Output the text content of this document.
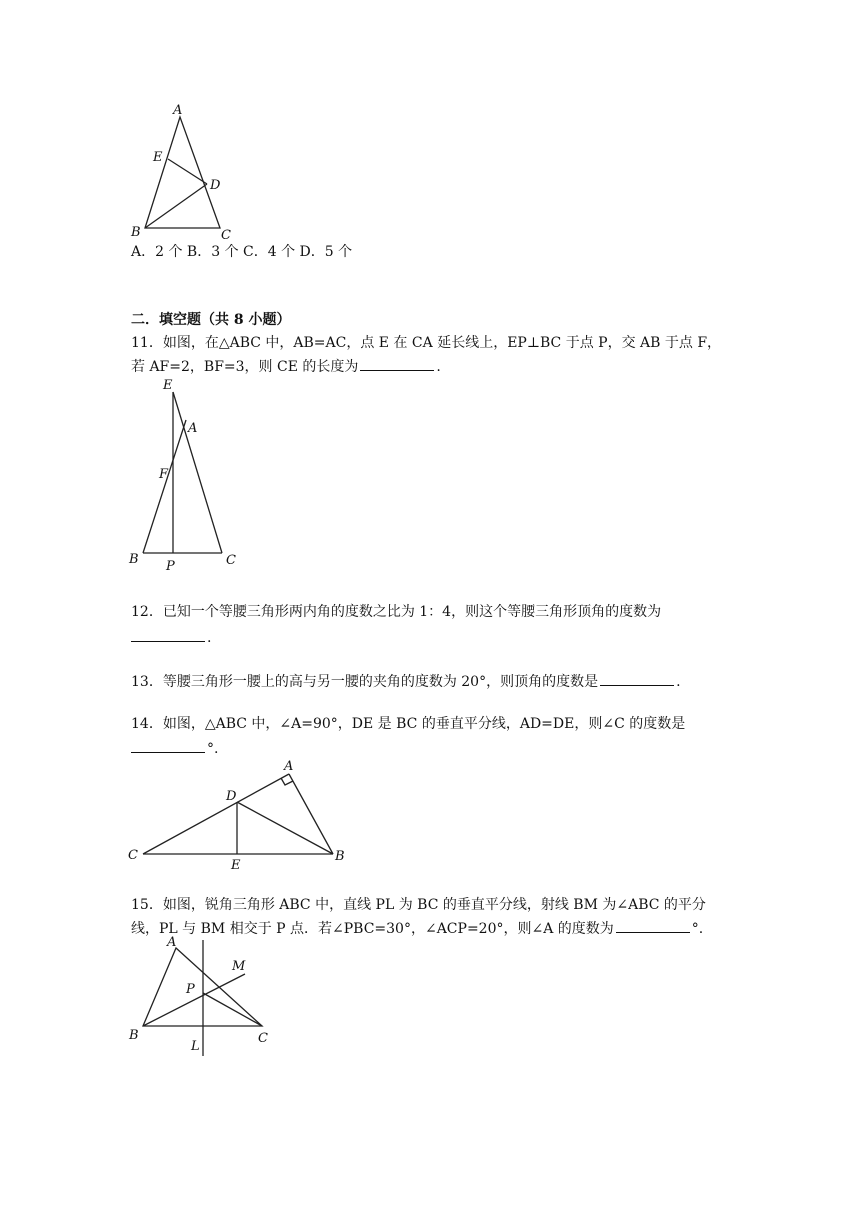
A
E
D
B	C
A．2 个 B．3 个 C．4 个 D．5 个
二．填空题（共 8 小题）
11．如图，在△ABC 中，AB=AC，点 E 在 CA 延长线上，EP⊥BC 于点 P，交 AB 于点 F，
若 AF=2，BF=3，则 CE 的长度为	.
E
A
F
B P	C
12．已知一个等腰三角形两内角的度数之比为 1：4，则这个等腰三角形顶角的度数为
.
13．等腰三角形一腰上的高与另一腰的夹角的度数为 20°，则顶角的度数是	.
14．如图，△ABC 中，∠A=90°，DE 是 BC 的垂直平分线，AD=DE，则∠C 的度数是
°.
A
D
C
E
B
15．如图，锐角三角形 ABC 中，直线 PL 为 BC 的垂直平分线，射线 BM 为∠ABC 的平分
线，PL 与 BM 相交于 P 点．若∠PBC=30°，∠ACP=20°，则∠A 的度数为	°.
A
M
P
B
L
C
